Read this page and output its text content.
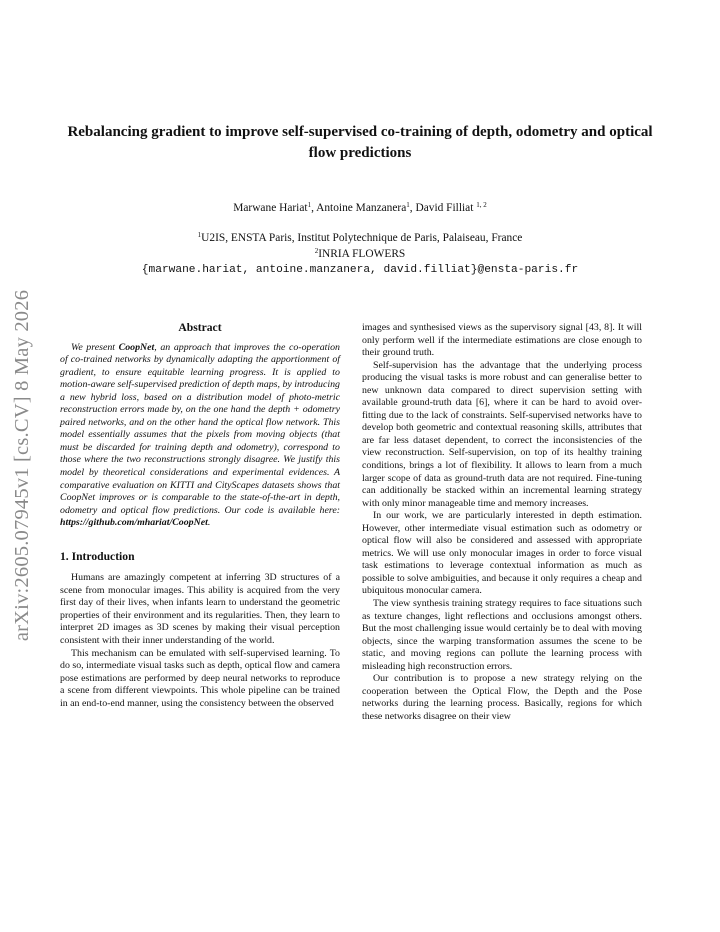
arXiv:2605.07945v1 [cs.CV] 8 May 2026
Rebalancing gradient to improve self-supervised co-training of depth, odometry and optical flow predictions
Marwane Hariat$^1$, Antoine Manzanera$^1$, David Filliat $^{1, 2}$
$^1$U2IS, ENSTA Paris, Institut Polytechnique de Paris, Palaiseau, France
$^2$INRIA FLOWERS
{marwane.hariat, antoine.manzanera, david.filliat}@ensta-paris.fr
Abstract

We present CoopNet, an approach that improves the co-operation of co-trained networks by dynamically adapting the apportionment of gradient, to ensure equitable learning progress. It is applied to motion-aware self-supervised prediction of depth maps, by introducing a new hybrid loss, based on a distribution model of photo-metric reconstruction errors made by, on the one hand the depth + odometry paired networks, and on the other hand the optical flow network. This model essentially assumes that the pixels from moving objects (that must be discarded for training depth and odometry), correspond to those where the two reconstructions strongly disagree. We justify this model by theoretical considerations and experimental evidences. A comparative evaluation on KITTI and CityScapes datasets shows that CoopNet improves or is comparable to the state-of-the-art in depth, odometry and optical flow predictions. Our code is available here: https://github.com/mhariat/CoopNet.

1. Introduction

Humans are amazingly competent at inferring 3D structures of a scene from monocular images. This ability is acquired from the very first day of their lives, when infants learn to understand the geometric properties of their environment and its regularities. Then, they learn to interpret 2D images as 3D scenes by making their visual perception consistent with their inner understanding of the world.

This mechanism can be emulated with self-supervised learning. To do so, intermediate visual tasks such as depth, optical flow and camera pose estimations are performed by deep neural networks to reproduce a scene from different viewpoints. This whole pipeline can be trained in an end-to-end manner, using the consistency between the observed

images and synthesised views as the supervisory signal [43, 8]. It will only perform well if the intermediate estimations are close enough to their ground truth.

Self-supervision has the advantage that the underlying process producing the visual tasks is more robust and can generalise better to new unknown data compared to direct supervision setting with available ground-truth data [6], where it can be hard to avoid over-fitting due to the lack of constraints. Self-supervised networks have to develop both geometric and contextual reasoning skills, attributes that are far less dataset dependent, to correct the inconsistencies of the view reconstruction. Self-supervision, on top of its healthy training conditions, brings a lot of flexibility. It allows to learn from a much larger scope of data as ground-truth data are not required. Fine-tuning can additionally be stacked within an incremental learning strategy with only minor manageable time and memory increases.

In our work, we are particularly interested in depth estimation. However, other intermediate visual estimation such as odometry or optical flow will also be considered and assessed with appropriate metrics. We will use only monocular images in order to force visual task estimations to leverage contextual information as much as possible to solve ambiguities, and because it only requires a cheap and ubiquitous monocular camera.

The view synthesis training strategy requires to face situations such as texture changes, light reflections and occlusions amongst others. But the most challenging issue would certainly be to deal with moving objects, since the warping transformation assumes the scene to be static, and moving regions can pollute the learning process with misleading high reconstruction errors.

Our contribution is to propose a new strategy relying on the cooperation between the Optical Flow, the Depth and the Pose networks during the learning process. Basically, regions for which these networks disagree on their view
